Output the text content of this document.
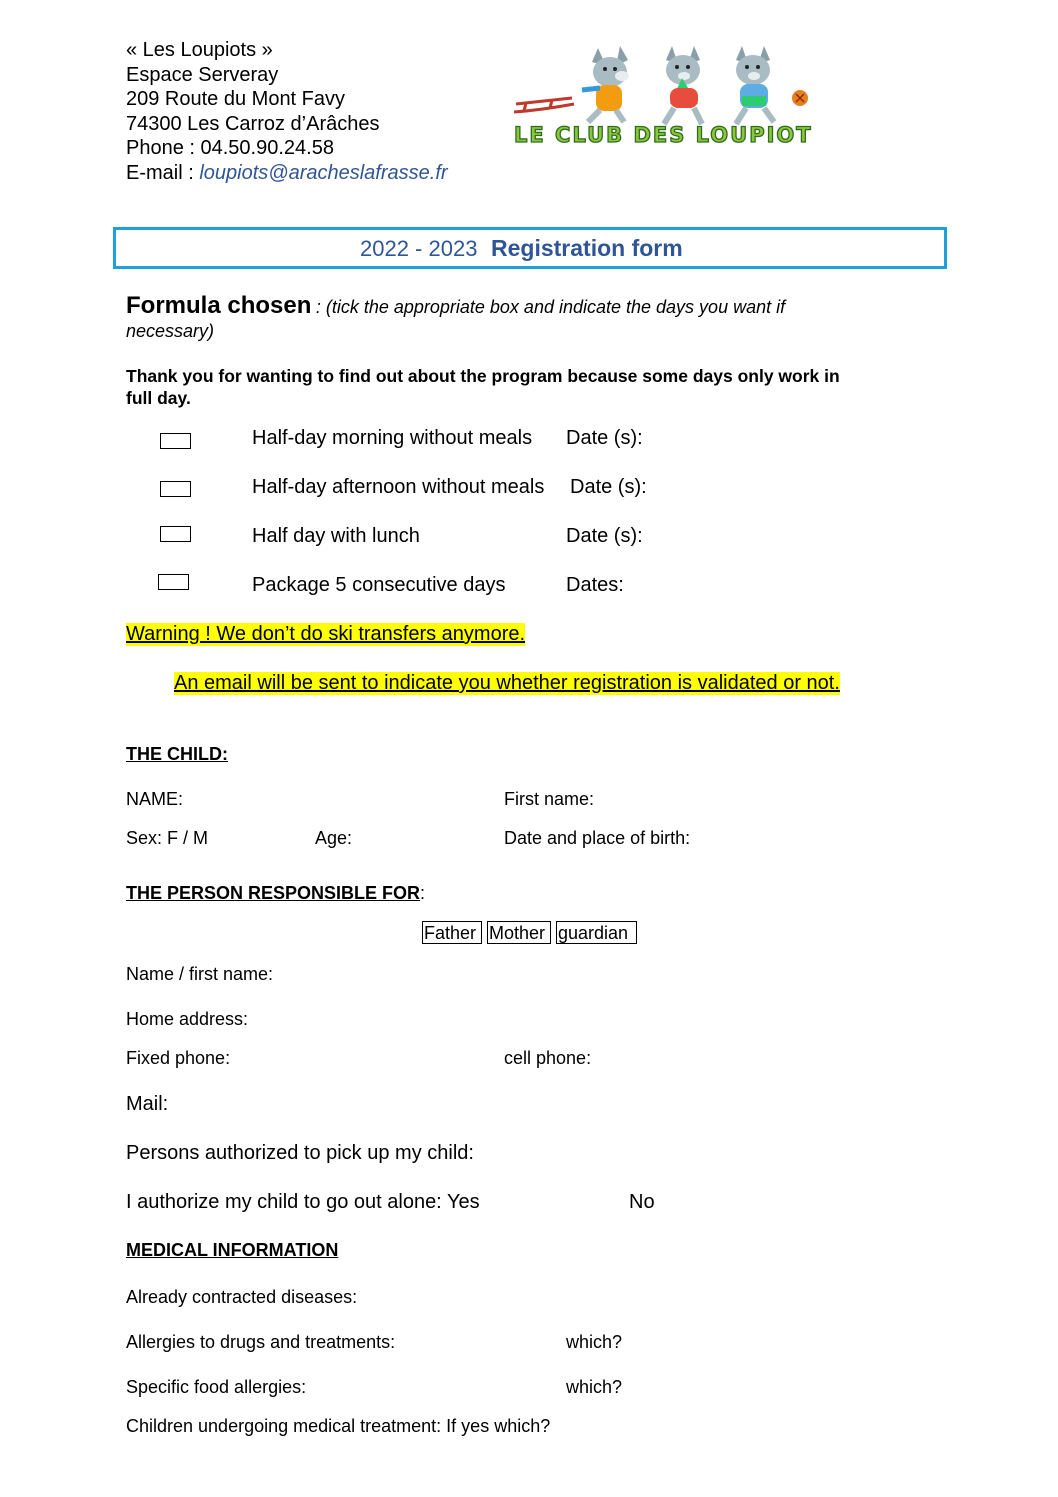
« Les Loupiots »
Espace Serveray
209 Route du Mont Favy
74300 Les Carroz d’Arâches
Phone : 04.50.90.24.58
E-mail : loupiots@aracheslafrasse.fr
LE CLUB DES LOUPIOTS
2022 - 2023 Registration form
Formula chosen : (tick the appropriate box and indicate the days you want if
necessary)
Thank you for wanting to find out about the program because some days only work in
full day.
Half-day morning without meals Date (s):
Half-day afternoon without meals Date (s):
Half day with lunch	Date (s):
Package 5 consecutive days	Dates:
Warning ! We don’t do ski transfers anymore.
An email will be sent to indicate you whether registration is validated or not.
THE CHILD:
NAME:	First name:
Sex: F / M	Age:	Date and place of birth:
THE PERSON RESPONSIBLE FOR:
Father Mother guardian
Name / first name:
Home address:
Fixed phone:	cell phone:
Mail:
Persons authorized to pick up my child:
I authorize my child to go out alone: Yes	No
MEDICAL INFORMATION
Already contracted diseases:
Allergies to drugs and treatments:	which?
Specific food allergies:	which?
Children undergoing medical treatment: If yes which?
